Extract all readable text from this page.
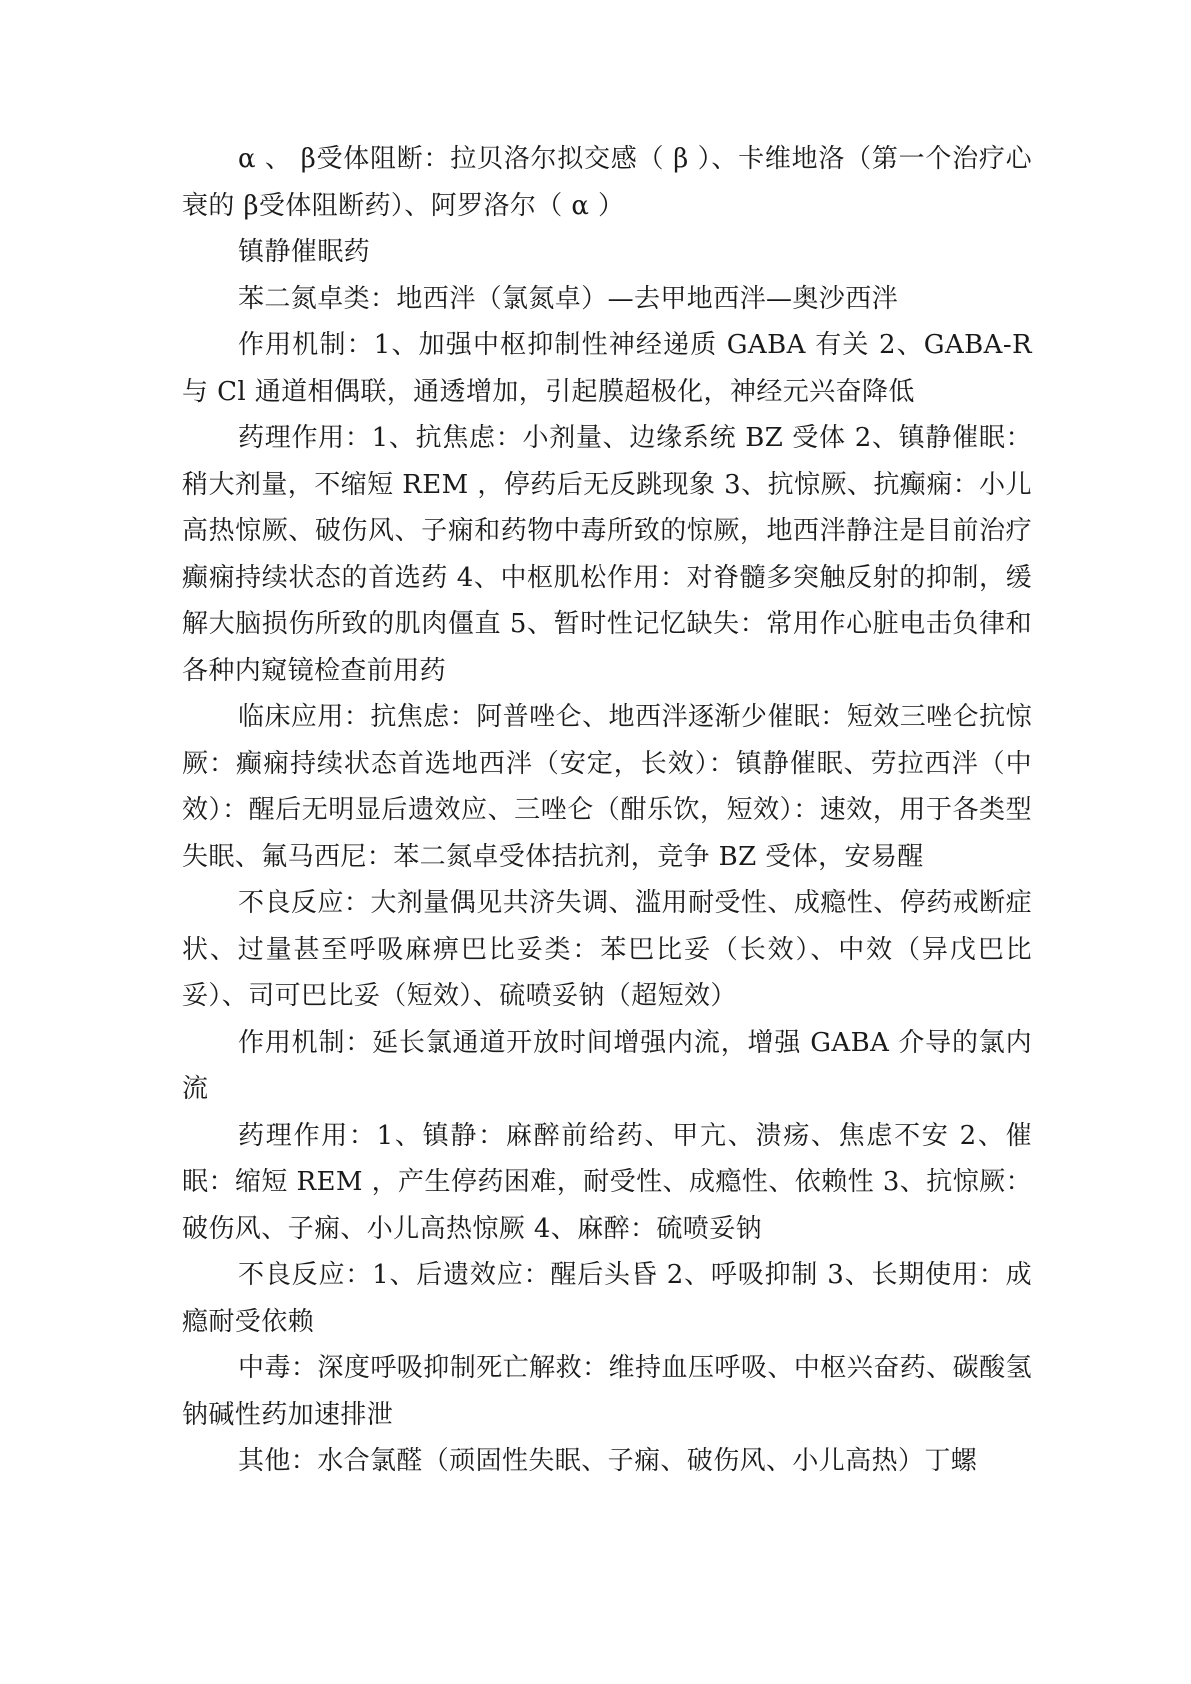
α 、 β受体阻断：拉贝洛尔拟交感（ β ）、卡维地洛（第一个治疗心衰的 β受体阻断药）、阿罗洛尔（ α ）

镇静催眠药

苯二氮卓类：地西泮（氯氮卓）—去甲地西泮—奥沙西泮

作用机制：1、加强中枢抑制性神经递质 GABA 有关 2、GABA-R 与 Cl 通道相偶联，通透增加，引起膜超极化，神经元兴奋降低

药理作用：1、抗焦虑：小剂量、边缘系统 BZ 受体 2、镇静催眠：稍大剂量，不缩短 REM ，停药后无反跳现象 3、抗惊厥、抗癫痫：小儿高热惊厥、破伤风、子痫和药物中毒所致的惊厥，地西泮静注是目前治疗癫痫持续状态的首选药 4、中枢肌松作用：对脊髓多突触反射的抑制，缓解大脑损伤所致的肌肉僵直 5、暂时性记忆缺失：常用作心脏电击负律和各种内窥镜检查前用药

临床应用：抗焦虑：阿普唑仑、地西泮逐渐少催眠：短效三唑仑抗惊厥：癫痫持续状态首选地西泮（安定，长效）：镇静催眠、劳拉西泮（中效）：醒后无明显后遗效应、三唑仑（酣乐饮，短效）：速效，用于各类型失眠、氟马西尼：苯二氮卓受体拮抗剂，竞争 BZ 受体，安易醒

不良反应：大剂量偶见共济失调、滥用耐受性、成瘾性、停药戒断症状、过量甚至呼吸麻痹巴比妥类：苯巴比妥（长效）、中效（异戊巴比妥）、司可巴比妥（短效）、硫喷妥钠（超短效）

作用机制：延长氯通道开放时间增强内流，增强 GABA 介导的氯内流

药理作用：1、镇静：麻醉前给药、甲亢、溃疡、焦虑不安 2、催眠：缩短 REM ，产生停药困难，耐受性、成瘾性、依赖性 3、抗惊厥：破伤风、子痫、小儿高热惊厥 4、麻醉：硫喷妥钠

不良反应：1、后遗效应：醒后头昏 2、呼吸抑制 3、长期使用：成瘾耐受依赖

中毒：深度呼吸抑制死亡解救：维持血压呼吸、中枢兴奋药、碳酸氢钠碱性药加速排泄

其他：水合氯醛（顽固性失眠、子痫、破伤风、小儿高热）丁螺
